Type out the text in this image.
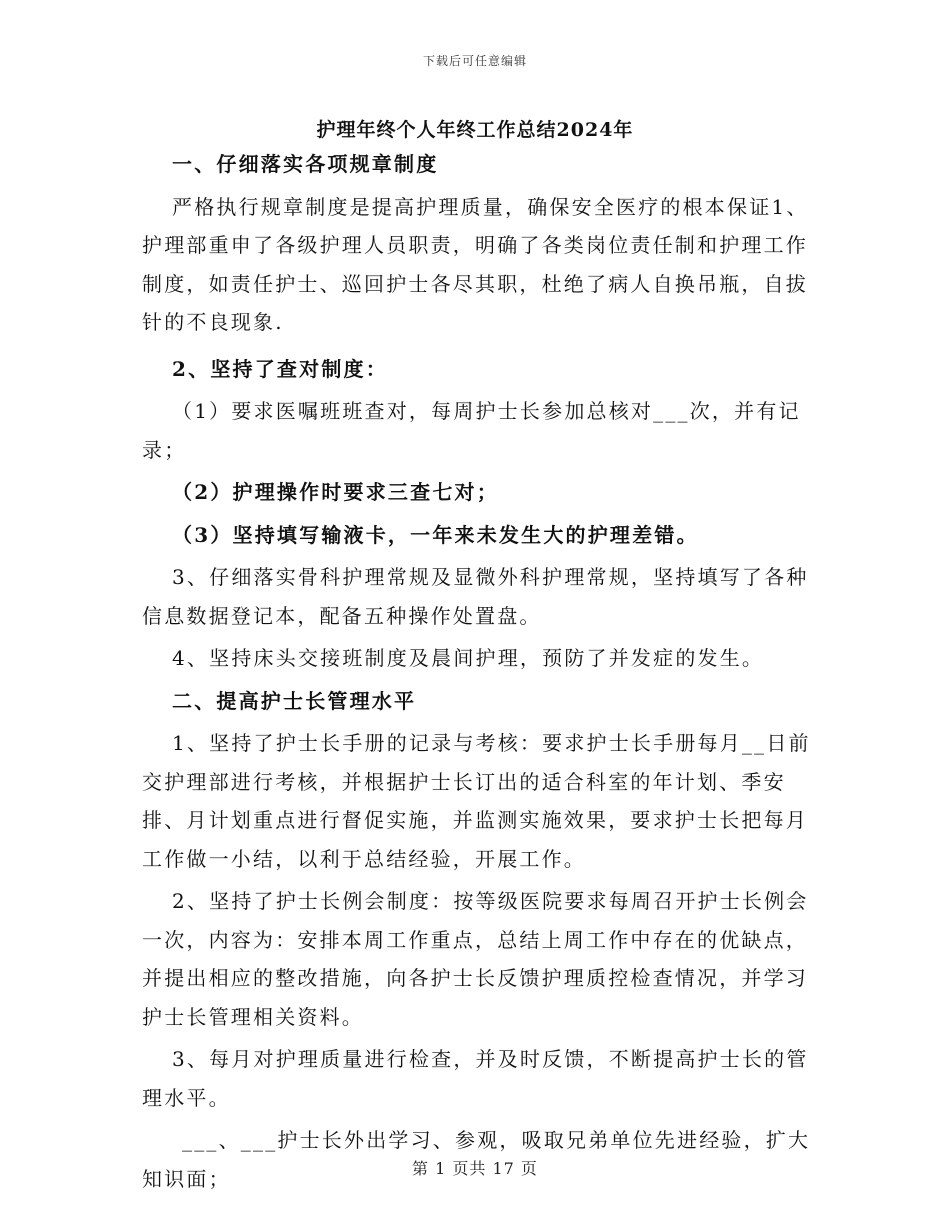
下载后可任意编辑
护理年终个人年终工作总结2024年

一、仔细落实各项规章制度

严格执行规章制度是提高护理质量，确保安全医疗的根本保证1、护理部重申了各级护理人员职责，明确了各类岗位责任制和护理工作制度，如责任护士、巡回护士各尽其职，杜绝了病人自换吊瓶，自拔针的不良现象.

2、坚持了查对制度：

（1）要求医嘱班班查对，每周护士长参加总核对___次，并有记录；

（2）护理操作时要求三查七对；

（3）坚持填写输液卡，一年来未发生大的护理差错。

3、仔细落实骨科护理常规及显微外科护理常规，坚持填写了各种信息数据登记本，配备五种操作处置盘。

4、坚持床头交接班制度及晨间护理，预防了并发症的发生。

二、提高护士长管理水平

1、坚持了护士长手册的记录与考核：要求护士长手册每月__日前交护理部进行考核，并根据护士长订出的适合科室的年计划、季安排、月计划重点进行督促实施，并监测实施效果，要求护士长把每月工作做一小结，以利于总结经验，开展工作。

2、坚持了护士长例会制度：按等级医院要求每周召开护士长例会一次，内容为：安排本周工作重点，总结上周工作中存在的优缺点，并提出相应的整改措施，向各护士长反馈护理质控检查情况，并学习护士长管理相关资料。

3、每月对护理质量进行检查，并及时反馈，不断提高护士长的管理水平。

___、___护士长外出学习、参观，吸取兄弟单位先进经验，扩大知识面；	第 1 页共 17 页
